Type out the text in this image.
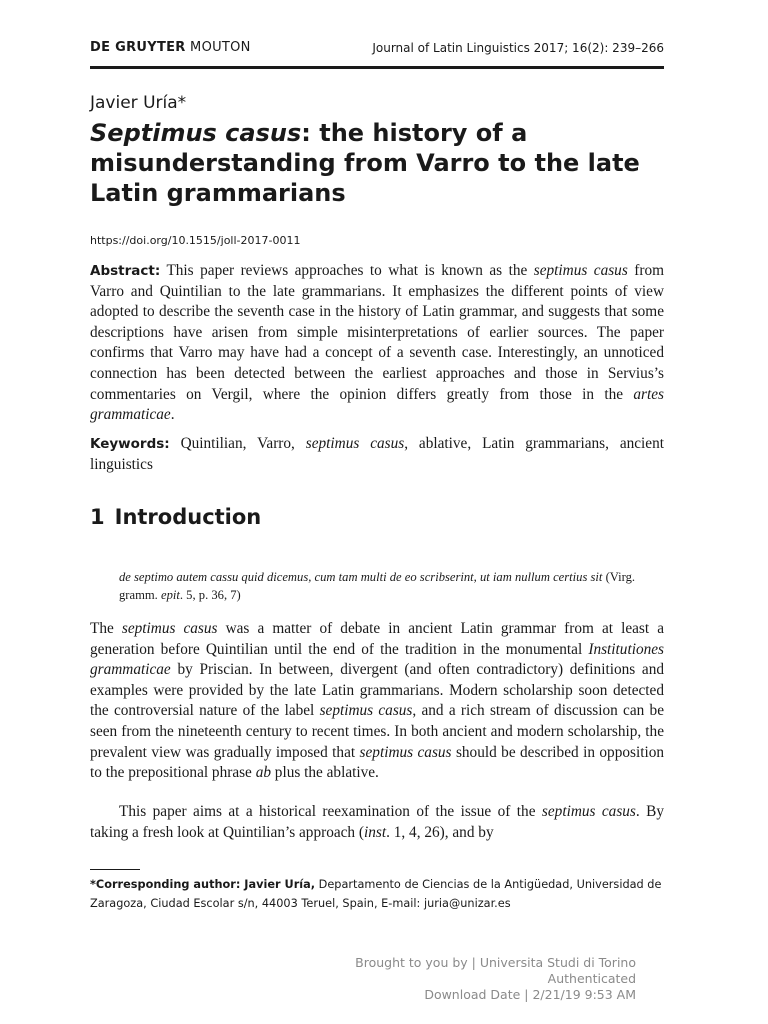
DE GRUYTER MOUTON	Journal of Latin Linguistics 2017; 16(2): 239–266
Javier Uría*
Septimus casus: the history of a misunderstanding from Varro to the late Latin grammarians
https://doi.org/10.1515/joll-2017-0011

Abstract: This paper reviews approaches to what is known as the septimus casus from Varro and Quintilian to the late grammarians. It emphasizes the different points of view adopted to describe the seventh case in the history of Latin grammar, and suggests that some descriptions have arisen from simple misinterpretations of earlier sources. The paper confirms that Varro may have had a concept of a seventh case. Interestingly, an unnoticed connection has been detected between the earliest approaches and those in Servius’s commentaries on Vergil, where the opinion differs greatly from those in the artes grammaticae.

Keywords: Quintilian, Varro, septimus casus, ablative, Latin grammarians, ancient linguistics

1 Introduction

de septimo autem cassu quid dicemus, cum tam multi de eo scribserint, ut iam nullum certius sit (Virg. gramm. epit. 5, p. 36, 7)

The septimus casus was a matter of debate in ancient Latin grammar from at least a generation before Quintilian until the end of the tradition in the monumental Institutiones grammaticae by Priscian. In between, divergent (and often contradictory) definitions and examples were provided by the late Latin grammarians. Modern scholarship soon detected the controversial nature of the label septimus casus, and a rich stream of discussion can be seen from the nineteenth century to recent times. In both ancient and modern scholarship, the prevalent view was gradually imposed that septimus casus should be described in opposition to the prepositional phrase ab plus the ablative.

This paper aims at a historical reexamination of the issue of the septimus casus. By taking a fresh look at Quintilian’s approach (inst. 1, 4, 26), and by

*Corresponding author: Javier Uría, Departamento de Ciencias de la Antigüedad, Universidad de Zaragoza, Ciudad Escolar s/n, 44003 Teruel, Spain, E-mail: juria@unizar.es

Brought to you by | Universita Studi di Torino
Authenticated
Download Date | 2/21/19 9:53 AM
